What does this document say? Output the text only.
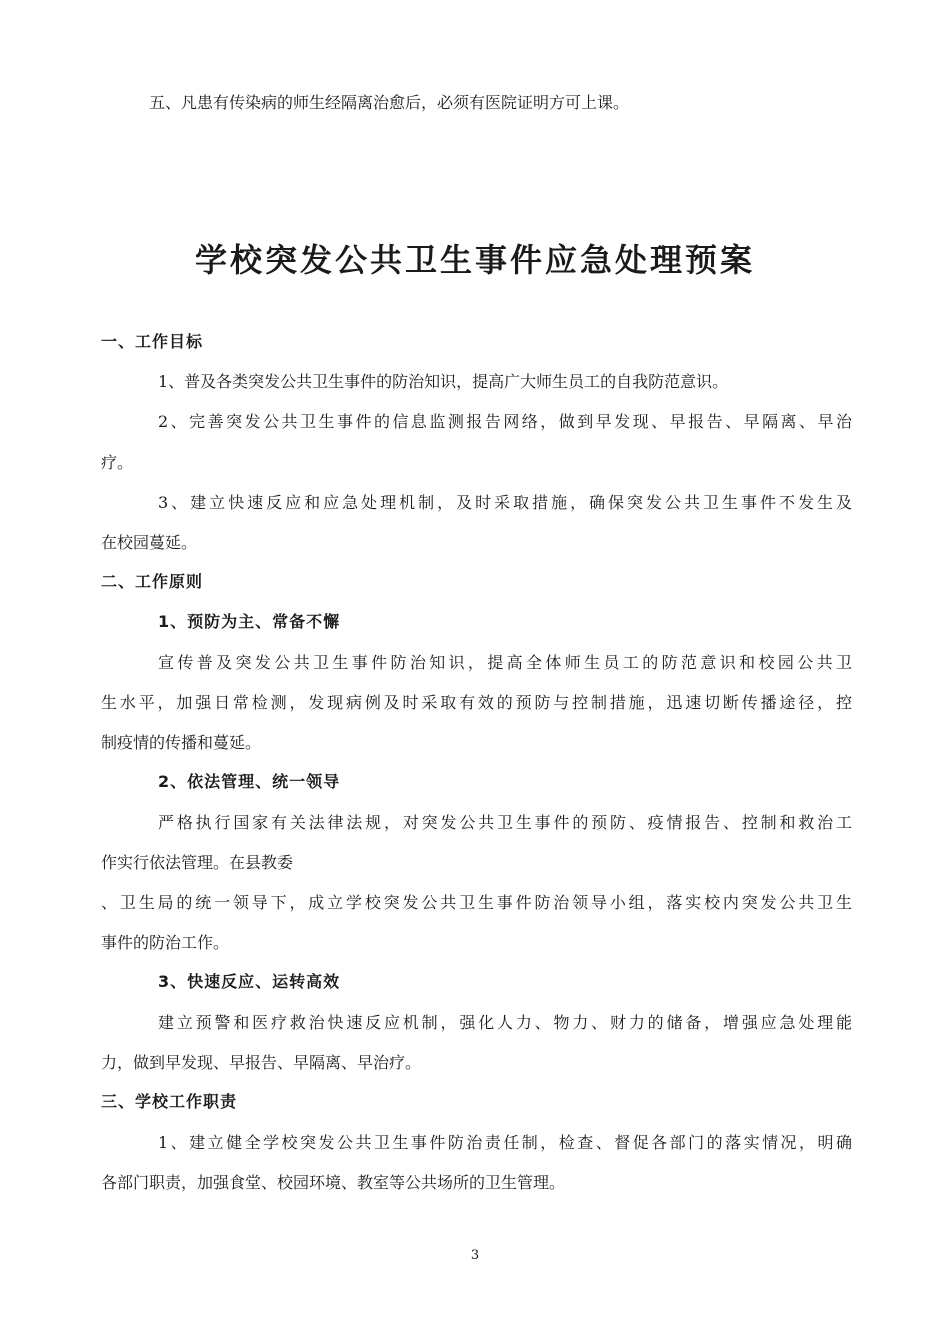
五、凡患有传染病的师生经隔离治愈后，必须有医院证明方可上课。
学校突发公共卫生事件应急处理预案
一、工作目标
1、普及各类突发公共卫生事件的防治知识，提高广大师生员工的自我防范意识。
2、完善突发公共卫生事件的信息监测报告网络，做到早发现、早报告、早隔离、早治
疗。
3、建立快速反应和应急处理机制，及时采取措施，确保突发公共卫生事件不发生及
在校园蔓延。
二、工作原则
1、预防为主、常备不懈
宣传普及突发公共卫生事件防治知识，提高全体师生员工的防范意识和校园公共卫
生水平，加强日常检测，发现病例及时采取有效的预防与控制措施，迅速切断传播途径，控
制疫情的传播和蔓延。
2、依法管理、统一领导
严格执行国家有关法律法规，对突发公共卫生事件的预防、疫情报告、控制和救治工
作实行依法管理。在县教委
、卫生局的统一领导下，成立学校突发公共卫生事件防治领导小组，落实校内突发公共卫生
事件的防治工作。
3、快速反应、运转高效
建立预警和医疗救治快速反应机制，强化人力、物力、财力的储备，增强应急处理能
力，做到早发现、早报告、早隔离、早治疗。
三、学校工作职责
1、建立健全学校突发公共卫生事件防治责任制，检查、督促各部门的落实情况，明确
各部门职责，加强食堂、校园环境、教室等公共场所的卫生管理。
3
